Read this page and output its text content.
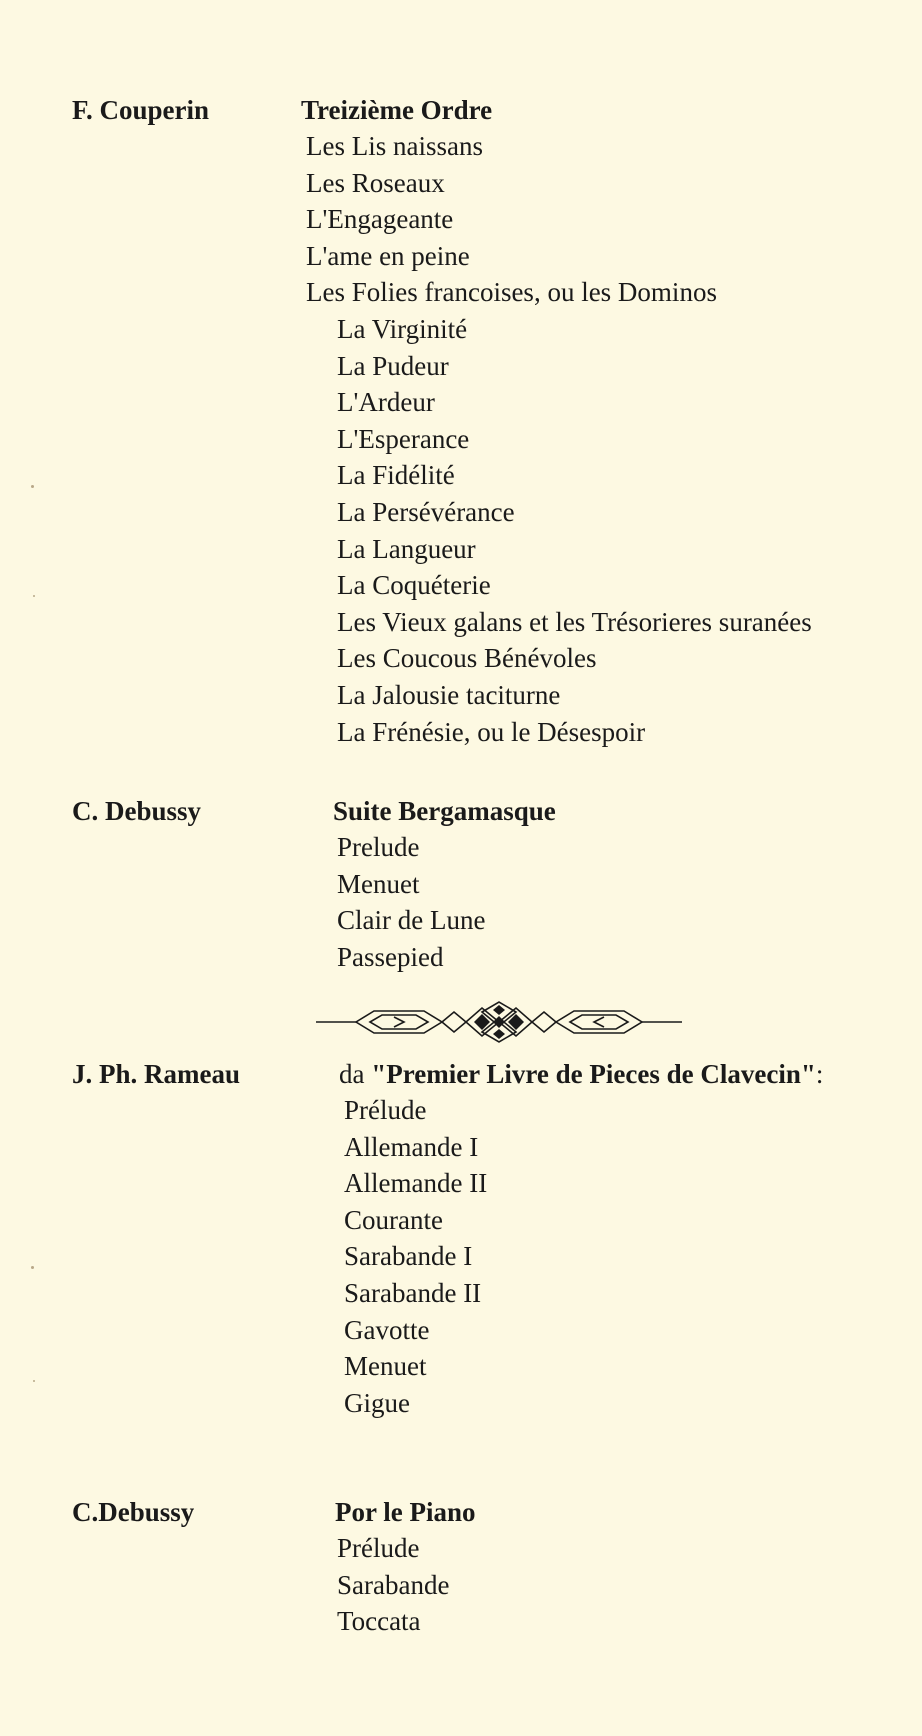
F. Couperin	Treizième Ordre
Les Lis naissans
Les Roseaux
L'Engageante
L'ame en peine
Les Folies francoises, ou les Dominos
La Virginité
La Pudeur
L'Ardeur
L'Esperance
La Fidélité
La Persévérance
La Langueur
La Coquéterie
Les Vieux galans et les Trésorieres suranées
Les Coucous Bénévoles
La Jalousie taciturne
La Frénésie, ou le Désespoir
C. Debussy	Suite Bergamasque
Prelude
Menuet
Clair de Lune
Passepied
J. Ph. Rameau	da "Premier Livre de Pieces de Clavecin":
Prélude
Allemande I
Allemande II
Courante
Sarabande I
Sarabande II
Gavotte
Menuet
Gigue
C.Debussy	Por le Piano
Prélude
Sarabande
Toccata
